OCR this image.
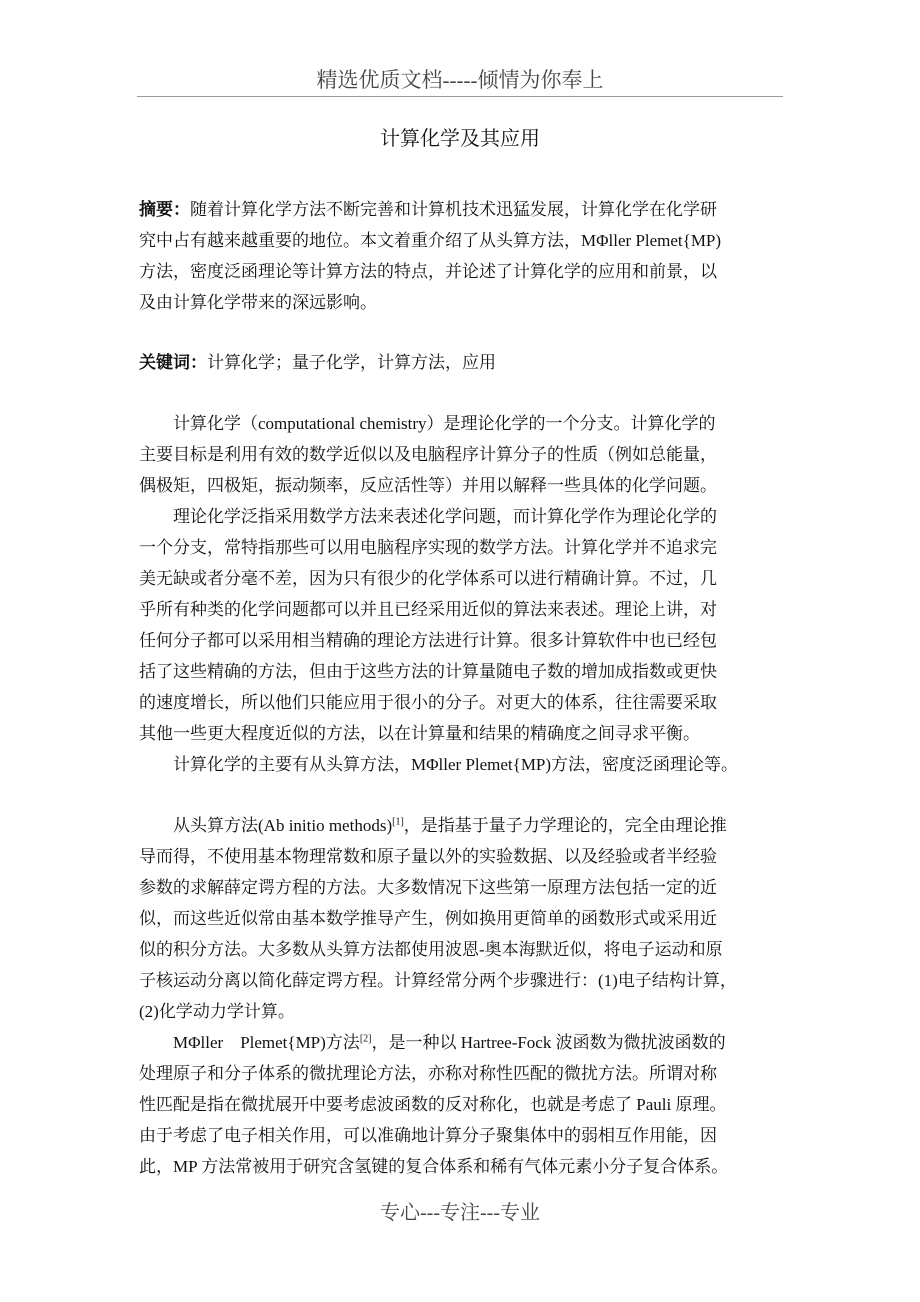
精选优质文档-----倾情为你奉上
计算化学及其应用
摘要：随着计算化学方法不断完善和计算机技术迅猛发展，计算化学在化学研
究中占有越来越重要的地位。本文着重介绍了从头算方法，MΦller Plemet{MP)
方法，密度泛函理论等计算方法的特点，并论述了计算化学的应用和前景，以
及由计算化学带来的深远影响。
关键词：计算化学；量子化学，计算方法，应用
计算化学（computational chemistry）是理论化学的一个分支。计算化学的
主要目标是利用有效的数学近似以及电脑程序计算分子的性质（例如总能量，
偶极矩，四极矩，振动频率，反应活性等）并用以解释一些具体的化学问题。
理论化学泛指采用数学方法来表述化学问题，而计算化学作为理论化学的
一个分支，常特指那些可以用电脑程序实现的数学方法。计算化学并不追求完
美无缺或者分毫不差，因为只有很少的化学体系可以进行精确计算。不过，几
乎所有种类的化学问题都可以并且已经采用近似的算法来表述。理论上讲，对
任何分子都可以采用相当精确的理论方法进行计算。很多计算软件中也已经包
括了这些精确的方法，但由于这些方法的计算量随电子数的增加成指数或更快
的速度增长，所以他们只能应用于很小的分子。对更大的体系，往往需要采取
其他一些更大程度近似的方法，以在计算量和结果的精确度之间寻求平衡。
计算化学的主要有从头算方法，MΦller Plemet{MP)方法，密度泛函理论等。
从头算方法(Ab initio methods)[1]，是指基于量子力学理论的，完全由理论推
导而得，不使用基本物理常数和原子量以外的实验数据、以及经验或者半经验
参数的求解薛定谔方程的方法。大多数情况下这些第一原理方法包括一定的近
似，而这些近似常由基本数学推导产生，例如换用更简单的函数形式或采用近
似的积分方法。大多数从头算方法都使用波恩-奥本海默近似，将电子运动和原
子核运动分离以简化薛定谔方程。计算经常分两个步骤进行：(1)电子结构计算，
(2)化学动力学计算。
MΦller    Plemet{MP)方法[2]，是一种以 Hartree-Fock 波函数为微扰波函数的
处理原子和分子体系的微扰理论方法，亦称对称性匹配的微扰方法。所谓对称
性匹配是指在微扰展开中要考虑波函数的反对称化，也就是考虑了 Pauli 原理。
由于考虑了电子相关作用，可以准确地计算分子聚集体中的弱相互作用能，因
此，MP 方法常被用于研究含氢键的复合体系和稀有气体元素小分子复合体系。
专心---专注---专业
